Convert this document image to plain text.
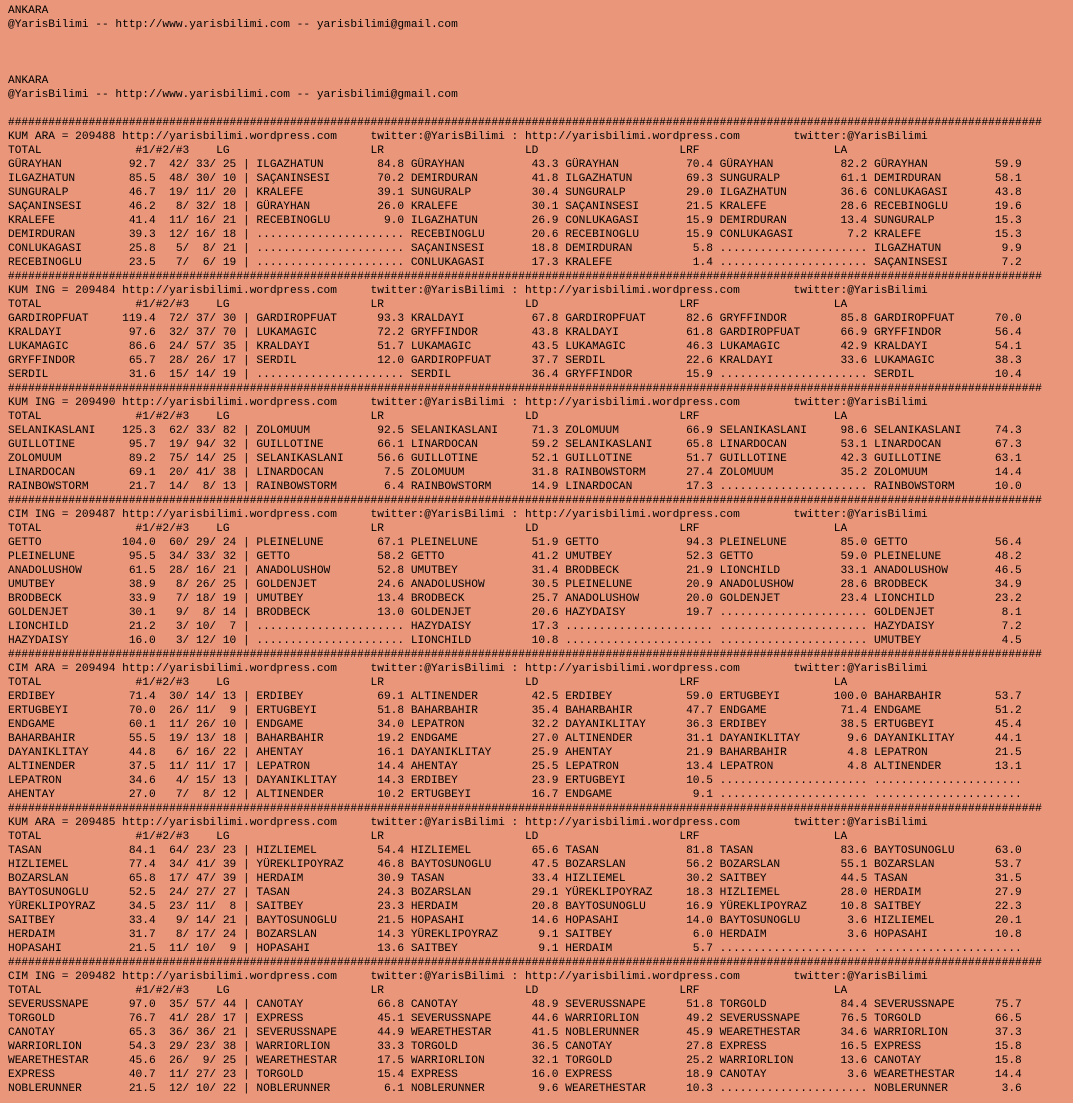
ANKARA
@YarisBilimi -- http://www.yarisbilimi.com -- yarisbilimi@gmail.com
ANKARA
@YarisBilimi -- http://www.yarisbilimi.com -- yarisbilimi@gmail.com
##########################################################################################################################################################
KUM ARA = 209488 http://yarisbilimi.wordpress.com     twitter:@YarisBilimi : http://yarisbilimi.wordpress.com        twitter:@YarisBilimi
TOTAL              #1/#2/#3    LG                     LR                     LD                     LRF                    LA
GÜRAYHAN          92.7  42/ 33/ 25 | ILGAZHATUN        84.8 GÜRAYHAN          43.3 GÜRAYHAN          70.4 GÜRAYHAN          82.2 GÜRAYHAN          59.9
ILGAZHATUN        85.5  48/ 30/ 10 | SAÇANINSESI       70.2 DEMIRDURAN        41.8 ILGAZHATUN        69.3 SUNGURALP         61.1 DEMIRDURAN        58.1
SUNGURALP         46.7  19/ 11/ 20 | KRALEFE           39.1 SUNGURALP         30.4 SUNGURALP         29.0 ILGAZHATUN        36.6 CONLUKAGASI       43.8
SAÇANINSESI       46.2   8/ 32/ 18 | GÜRAYHAN          26.0 KRALEFE           30.1 SAÇANINSESI       21.5 KRALEFE           28.6 RECEBINOGLU       19.6
KRALEFE           41.4  11/ 16/ 21 | RECEBINOGLU        9.0 ILGAZHATUN        26.9 CONLUKAGASI       15.9 DEMIRDURAN        13.4 SUNGURALP         15.3
DEMIRDURAN        39.3  12/ 16/ 18 | ...................... RECEBINOGLU       20.6 RECEBINOGLU       15.9 CONLUKAGASI        7.2 KRALEFE           15.3
CONLUKAGASI       25.8   5/  8/ 21 | ...................... SAÇANINSESI       18.8 DEMIRDURAN         5.8 ...................... ILGAZHATUN         9.9
RECEBINOGLU       23.5   7/  6/ 19 | ...................... CONLUKAGASI       17.3 KRALEFE            1.4 ...................... SAÇANINSESI        7.2
##########################################################################################################################################################
KUM ING = 209484 http://yarisbilimi.wordpress.com     twitter:@YarisBilimi : http://yarisbilimi.wordpress.com        twitter:@YarisBilimi
TOTAL              #1/#2/#3    LG                     LR                     LD                     LRF                    LA
GARDIROPFUAT     119.4  72/ 37/ 30 | GARDIROPFUAT      93.3 KRALDAYI          67.8 GARDIROPFUAT      82.6 GRYFFINDOR        85.8 GARDIROPFUAT      70.0
KRALDAYI          97.6  32/ 37/ 70 | LUKAMAGIC         72.2 GRYFFINDOR        43.8 KRALDAYI          61.8 GARDIROPFUAT      66.9 GRYFFINDOR        56.4
LUKAMAGIC         86.6  24/ 57/ 35 | KRALDAYI          51.7 LUKAMAGIC         43.5 LUKAMAGIC         46.3 LUKAMAGIC         42.9 KRALDAYI          54.1
GRYFFINDOR        65.7  28/ 26/ 17 | SERDIL            12.0 GARDIROPFUAT      37.7 SERDIL            22.6 KRALDAYI          33.6 LUKAMAGIC         38.3
SERDIL            31.6  15/ 14/ 19 | ...................... SERDIL            36.4 GRYFFINDOR        15.9 ...................... SERDIL            10.4
##########################################################################################################################################################
KUM ING = 209490 http://yarisbilimi.wordpress.com     twitter:@YarisBilimi : http://yarisbilimi.wordpress.com        twitter:@YarisBilimi
TOTAL              #1/#2/#3    LG                     LR                     LD                     LRF                    LA
SELANIKASLANI    125.3  62/ 33/ 82 | ZOLOMUUM          92.5 SELANIKASLANI     71.3 ZOLOMUUM          66.9 SELANIKASLANI     98.6 SELANIKASLANI     74.3
GUILLOTINE        95.7  19/ 94/ 32 | GUILLOTINE        66.1 LINARDOCAN        59.2 SELANIKASLANI     65.8 LINARDOCAN        53.1 LINARDOCAN        67.3
ZOLOMUUM          89.2  75/ 14/ 25 | SELANIKASLANI     56.6 GUILLOTINE        52.1 GUILLOTINE        51.7 GUILLOTINE        42.3 GUILLOTINE        63.1
LINARDOCAN        69.1  20/ 41/ 38 | LINARDOCAN         7.5 ZOLOMUUM          31.8 RAINBOWSTORM      27.4 ZOLOMUUM          35.2 ZOLOMUUM          14.4
RAINBOWSTORM      21.7  14/  8/ 13 | RAINBOWSTORM       6.4 RAINBOWSTORM      14.9 LINARDOCAN        17.3 ...................... RAINBOWSTORM      10.0
##########################################################################################################################################################
CIM ING = 209487 http://yarisbilimi.wordpress.com     twitter:@YarisBilimi : http://yarisbilimi.wordpress.com        twitter:@YarisBilimi
TOTAL              #1/#2/#3    LG                     LR                     LD                     LRF                    LA
GETTO            104.0  60/ 29/ 24 | PLEINELUNE        67.1 PLEINELUNE        51.9 GETTO             94.3 PLEINELUNE        85.0 GETTO             56.4
PLEINELUNE        95.5  34/ 33/ 32 | GETTO             58.2 GETTO             41.2 UMUTBEY           52.3 GETTO             59.0 PLEINELUNE        48.2
ANADOLUSHOW       61.5  28/ 16/ 21 | ANADOLUSHOW       52.8 UMUTBEY           31.4 BRODBECK          21.9 LIONCHILD         33.1 ANADOLUSHOW       46.5
UMUTBEY           38.9   8/ 26/ 25 | GOLDENJET         24.6 ANADOLUSHOW       30.5 PLEINELUNE        20.9 ANADOLUSHOW       28.6 BRODBECK          34.9
BRODBECK          33.9   7/ 18/ 19 | UMUTBEY           13.4 BRODBECK          25.7 ANADOLUSHOW       20.0 GOLDENJET         23.4 LIONCHILD         23.2
GOLDENJET         30.1   9/  8/ 14 | BRODBECK          13.0 GOLDENJET         20.6 HAZYDAISY         19.7 ...................... GOLDENJET          8.1
LIONCHILD         21.2   3/ 10/  7 | ...................... HAZYDAISY         17.3 ...................... ...................... HAZYDAISY          7.2
HAZYDAISY         16.0   3/ 12/ 10 | ...................... LIONCHILD         10.8 ...................... ...................... UMUTBEY            4.5
##########################################################################################################################################################
CIM ARA = 209494 http://yarisbilimi.wordpress.com     twitter:@YarisBilimi : http://yarisbilimi.wordpress.com        twitter:@YarisBilimi
TOTAL              #1/#2/#3    LG                     LR                     LD                     LRF                    LA
ERDIBEY           71.4  30/ 14/ 13 | ERDIBEY           69.1 ALTINENDER        42.5 ERDIBEY           59.0 ERTUGBEYI        100.0 BAHARBAHIR        53.7
ERTUGBEYI         70.0  26/ 11/  9 | ERTUGBEYI         51.8 BAHARBAHIR        35.4 BAHARBAHIR        47.7 ENDGAME           71.4 ENDGAME           51.2
ENDGAME           60.1  11/ 26/ 10 | ENDGAME           34.0 LEPATRON          32.2 DAYANIKLITAY      36.3 ERDIBEY           38.5 ERTUGBEYI         45.4
BAHARBAHIR        55.5  19/ 13/ 18 | BAHARBAHIR        19.2 ENDGAME           27.0 ALTINENDER        31.1 DAYANIKLITAY       9.6 DAYANIKLITAY      44.1
DAYANIKLITAY      44.8   6/ 16/ 22 | AHENTAY           16.1 DAYANIKLITAY      25.9 AHENTAY           21.9 BAHARBAHIR         4.8 LEPATRON          21.5
ALTINENDER        37.5  11/ 11/ 17 | LEPATRON          14.4 AHENTAY           25.5 LEPATRON          13.4 LEPATRON           4.8 ALTINENDER        13.1
LEPATRON          34.6   4/ 15/ 13 | DAYANIKLITAY      14.3 ERDIBEY           23.9 ERTUGBEYI         10.5 ...................... ......................
AHENTAY           27.0   7/  8/ 12 | ALTINENDER        10.2 ERTUGBEYI         16.7 ENDGAME            9.1 ...................... ......................
##########################################################################################################################################################
KUM ARA = 209485 http://yarisbilimi.wordpress.com     twitter:@YarisBilimi : http://yarisbilimi.wordpress.com        twitter:@YarisBilimi
TOTAL              #1/#2/#3    LG                     LR                     LD                     LRF                    LA
TASAN             84.1  64/ 23/ 23 | HIZLIEMEL         54.4 HIZLIEMEL         65.6 TASAN             81.8 TASAN             83.6 BAYTOSUNOGLU      63.0
HIZLIEMEL         77.4  34/ 41/ 39 | YÜREKLIPOYRAZ     46.8 BAYTOSUNOGLU      47.5 BOZARSLAN         56.2 BOZARSLAN         55.1 BOZARSLAN         53.7
BOZARSLAN         65.8  17/ 47/ 39 | HERDAIM           30.9 TASAN             33.4 HIZLIEMEL         30.2 SAITBEY           44.5 TASAN             31.5
BAYTOSUNOGLU      52.5  24/ 27/ 27 | TASAN             24.3 BOZARSLAN         29.1 YÜREKLIPOYRAZ     18.3 HIZLIEMEL         28.0 HERDAIM           27.9
YÜREKLIPOYRAZ     34.5  23/ 11/  8 | SAITBEY           23.3 HERDAIM           20.8 BAYTOSUNOGLU      16.9 YÜREKLIPOYRAZ     10.8 SAITBEY           22.3
SAITBEY           33.4   9/ 14/ 21 | BAYTOSUNOGLU      21.5 HOPASAHI          14.6 HOPASAHI          14.0 BAYTOSUNOGLU       3.6 HIZLIEMEL         20.1
HERDAIM           31.7   8/ 17/ 24 | BOZARSLAN         14.3 YÜREKLIPOYRAZ      9.1 SAITBEY            6.0 HERDAIM            3.6 HOPASAHI          10.8
HOPASAHI          21.5  11/ 10/  9 | HOPASAHI          13.6 SAITBEY            9.1 HERDAIM            5.7 ...................... ......................
##########################################################################################################################################################
CIM ING = 209482 http://yarisbilimi.wordpress.com     twitter:@YarisBilimi : http://yarisbilimi.wordpress.com        twitter:@YarisBilimi
TOTAL              #1/#2/#3    LG                     LR                     LD                     LRF                    LA
SEVERUSSNAPE      97.0  35/ 57/ 44 | CANOTAY           66.8 CANOTAY           48.9 SEVERUSSNAPE      51.8 TORGOLD           84.4 SEVERUSSNAPE      75.7
TORGOLD           76.7  41/ 28/ 17 | EXPRESS           45.1 SEVERUSSNAPE      44.6 WARRIORLION       49.2 SEVERUSSNAPE      76.5 TORGOLD           66.5
CANOTAY           65.3  36/ 36/ 21 | SEVERUSSNAPE      44.9 WEARETHESTAR      41.5 NOBLERUNNER       45.9 WEARETHESTAR      34.6 WARRIORLION       37.3
WARRIORLION       54.3  29/ 23/ 38 | WARRIORLION       33.3 TORGOLD           36.5 CANOTAY           27.8 EXPRESS           16.5 EXPRESS           15.8
WEARETHESTAR      45.6  26/  9/ 25 | WEARETHESTAR      17.5 WARRIORLION       32.1 TORGOLD           25.2 WARRIORLION       13.6 CANOTAY           15.8
EXPRESS           40.7  11/ 27/ 23 | TORGOLD           15.4 EXPRESS           16.0 EXPRESS           18.9 CANOTAY            3.6 WEARETHESTAR      14.4
NOBLERUNNER       21.5  12/ 10/ 22 | NOBLERUNNER        6.1 NOBLERUNNER        9.6 WEARETHESTAR      10.3 ...................... NOBLERUNNER        3.6
